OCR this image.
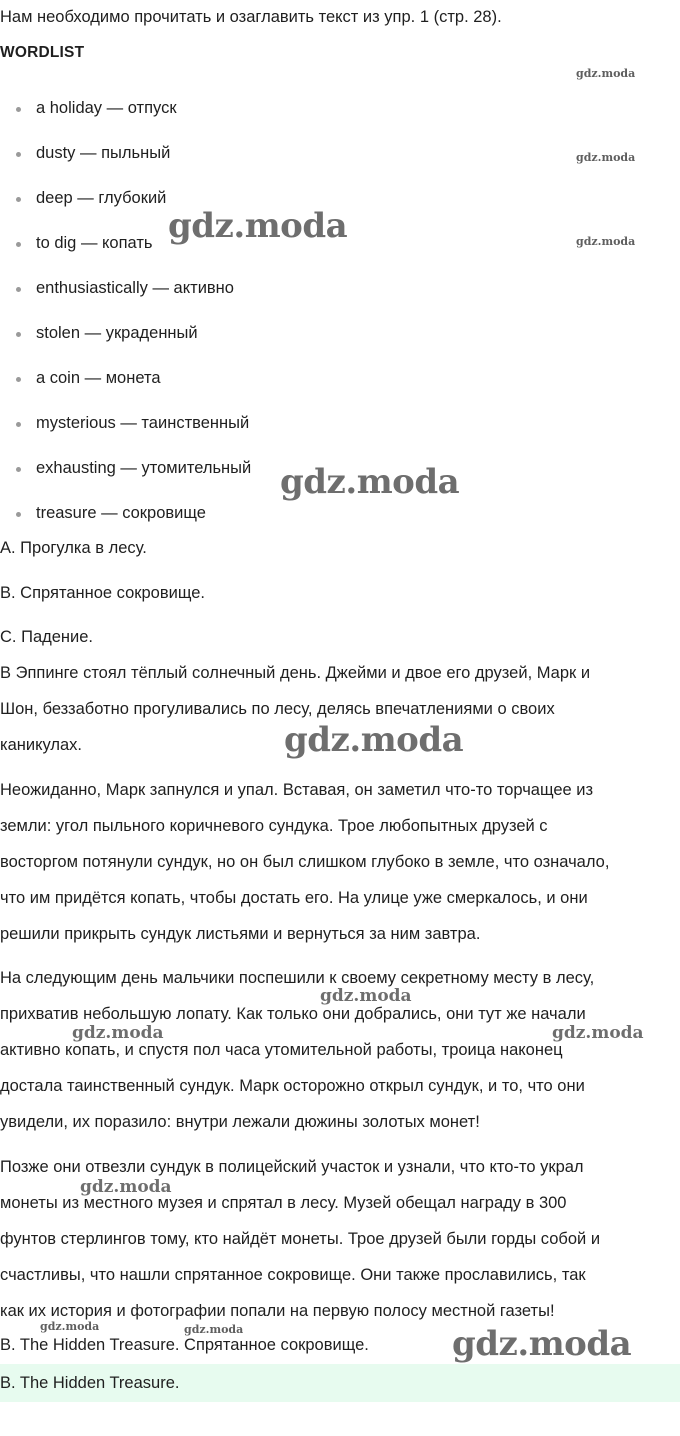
Нам необходимо прочитать и озаглавить текст из упр. 1 (стр. 28).
WORDLIST
a holiday — отпуск
dusty — пыльный
deep — глубокий
to dig — копать
enthusiastically — активно
stolen — украденный
a coin — монета
mysterious — таинственный
exhausting — утомительный
treasure — сокровище
A. Прогулка в лесу.
B. Спрятанное сокровище.
C. Падение.
В Эппинге стоял тёплый солнечный день. Джейми и двое его друзей, Марк и
Шон, беззаботно прогуливались по лесу, делясь впечатлениями о своих
каникулах.
Неожиданно, Марк запнулся и упал. Вставая, он заметил что-то торчащее из
земли: угол пыльного коричневого сундука. Трое любопытных друзей с
восторгом потянули сундук, но он был слишком глубоко в земле, что означало,
что им придётся копать, чтобы достать его. На улице уже смеркалось, и они
решили прикрыть сундук листьями и вернуться за ним завтра.
На следующим день мальчики поспешили к своему секретному месту в лесу,
прихватив небольшую лопату. Как только они добрались, они тут же начали
активно копать, и спустя пол часа утомительной работы, троица наконец
достала таинственный сундук. Марк осторожно открыл сундук, и то, что они
увидели, их поразило: внутри лежали дюжины золотых монет!
Позже они отвезли сундук в полицейский участок и узнали, что кто-то украл
монеты из местного музея и спрятал в лесу. Музей обещал награду в 300
фунтов стерлингов тому, кто найдёт монеты. Трое друзей были горды собой и
счастливы, что нашли спрятанное сокровище. Они также прославились, так
как их история и фотографии попали на первую полосу местной газеты!
B. The Hidden Treasure. Спрятанное сокровище.
B. The Hidden Treasure.
gdz.moda
gdz.moda
gdz.moda
gdz.moda
gdz.moda
gdz.moda
gdz.moda
gdz.moda	gdz.moda
gdz.moda
gdz.moda	gdz.moda	gdz.moda
